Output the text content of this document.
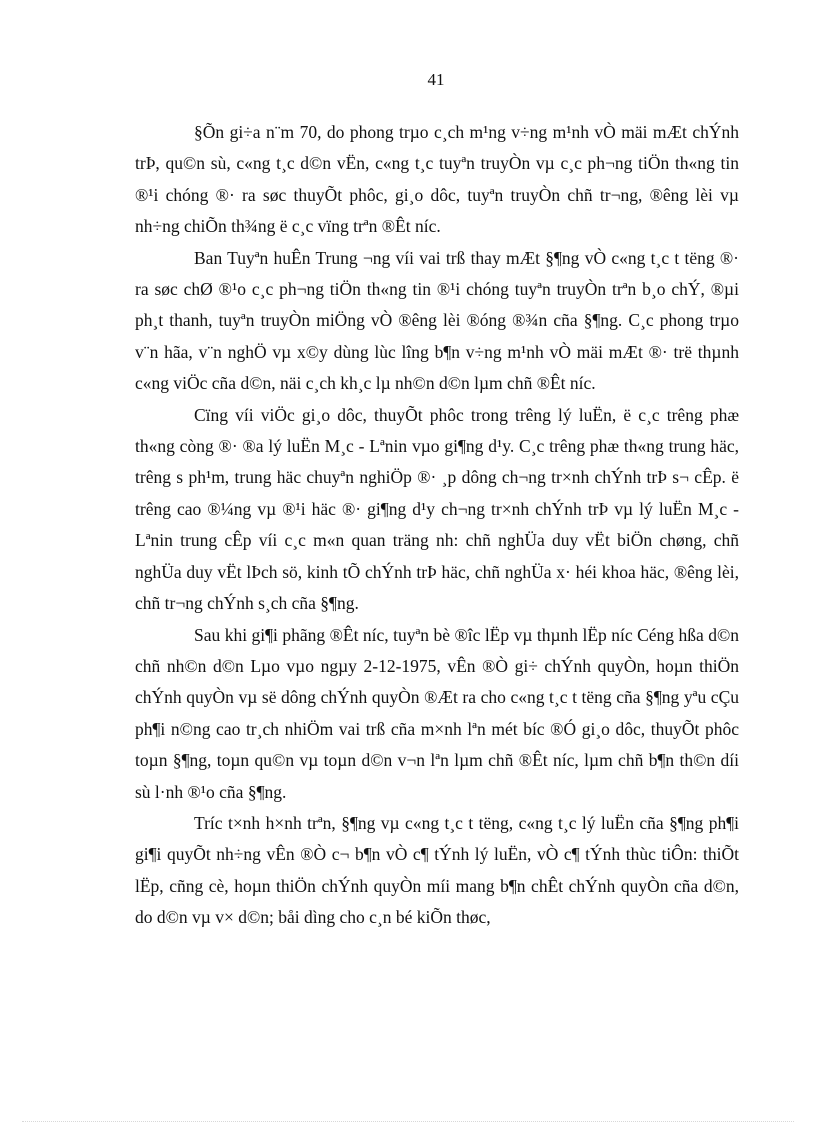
41

§Õn gi÷a n¨m 70, do phong trµo c¸ch m¹ng v÷ng m¹nh vÒ mäi mÆt chÝnh trÞ, qu©n sù, c«ng t¸c d©n vËn, c«ng t¸c tuyªn truyÒn vµ c¸c ph¬ng tiÖn th«ng tin ®¹i chóng ®· ra søc thuyÕt phôc, gi¸o dôc, tuyªn truyÒn chñ tr¬ng, ®êng lèi vµ nh÷ng chiÕn th¾ng ë c¸c vïng trªn ®Êt níc.

Ban Tuyªn huÊn Trung ¬ng víi vai trß thay mÆt §¶ng vÒ c«ng t¸c t tëng ®· ra søc chØ ®¹o c¸c ph¬ng tiÖn th«ng tin ®¹i chóng tuyªn truyÒn trªn b¸o chÝ, ®µi ph¸t thanh, tuyªn truyÒn miÖng vÒ ®êng lèi ®óng ®¾n cña §¶ng. C¸c phong trµo v¨n hãa, v¨n nghÖ vµ x©y dùng lùc lîng b¶n v÷ng m¹nh vÒ mäi mÆt ®· trë thµnh c«ng viÖc cña d©n, näi c¸ch kh¸c lµ nh©n d©n lµm chñ ®Êt níc.

Cïng víi viÖc gi¸o dôc, thuyÕt phôc trong trêng lý luËn, ë c¸c trêng phæ th«ng còng ®· ®a lý luËn M¸c - Lªnin vµo gi¶ng d¹y. C¸c trêng phæ th«ng trung häc, trêng s ph¹m, trung häc chuyªn nghiÖp ®· ¸p dông ch¬ng tr×nh chÝnh trÞ s¬ cÊp. ë trêng cao ®¼ng vµ ®¹i häc ®· gi¶ng d¹y ch¬ng tr×nh chÝnh trÞ vµ lý luËn M¸c - Lªnin trung cÊp víi c¸c m«n quan träng nh: chñ nghÜa duy vËt biÖn chøng, chñ nghÜa duy vËt lÞch sö, kinh tÕ chÝnh trÞ häc, chñ nghÜa x· héi khoa häc, ®êng lèi, chñ tr¬ng chÝnh s¸ch cña §¶ng.

Sau khi gi¶i phãng ®Êt níc, tuyªn bè ®îc lËp vµ thµnh lËp níc Céng hßa d©n chñ nh©n d©n Lµo vµo ngµy 2-12-1975, vÊn ®Ò gi÷ chÝnh quyÒn, hoµn thiÖn chÝnh quyÒn vµ së dông chÝnh quyÒn ®Æt ra cho c«ng t¸c t tëng cña §¶ng yªu cÇu ph¶i n©ng cao tr¸ch nhiÖm vai trß cña m×nh lªn mét bíc ®Ó gi¸o dôc, thuyÕt phôc toµn §¶ng, toµn qu©n vµ toµn d©n v¬n lªn lµm chñ ®Êt níc, lµm chñ b¶n th©n díi sù l·nh ®¹o cña §¶ng.

Tríc t×nh h×nh trªn, §¶ng vµ c«ng t¸c t tëng, c«ng t¸c lý luËn cña §¶ng ph¶i gi¶i quyÕt nh÷ng vÊn ®Ò c¬ b¶n vÒ c¶ tÝnh lý luËn, vÒ c¶ tÝnh thùc tiÔn: thiÕt lËp, cñng cè, hoµn thiÖn chÝnh quyÒn míi mang b¶n chÊt chÝnh quyÒn cña d©n, do d©n vµ v× d©n; båi dìng cho c¸n bé kiÕn thøc,
